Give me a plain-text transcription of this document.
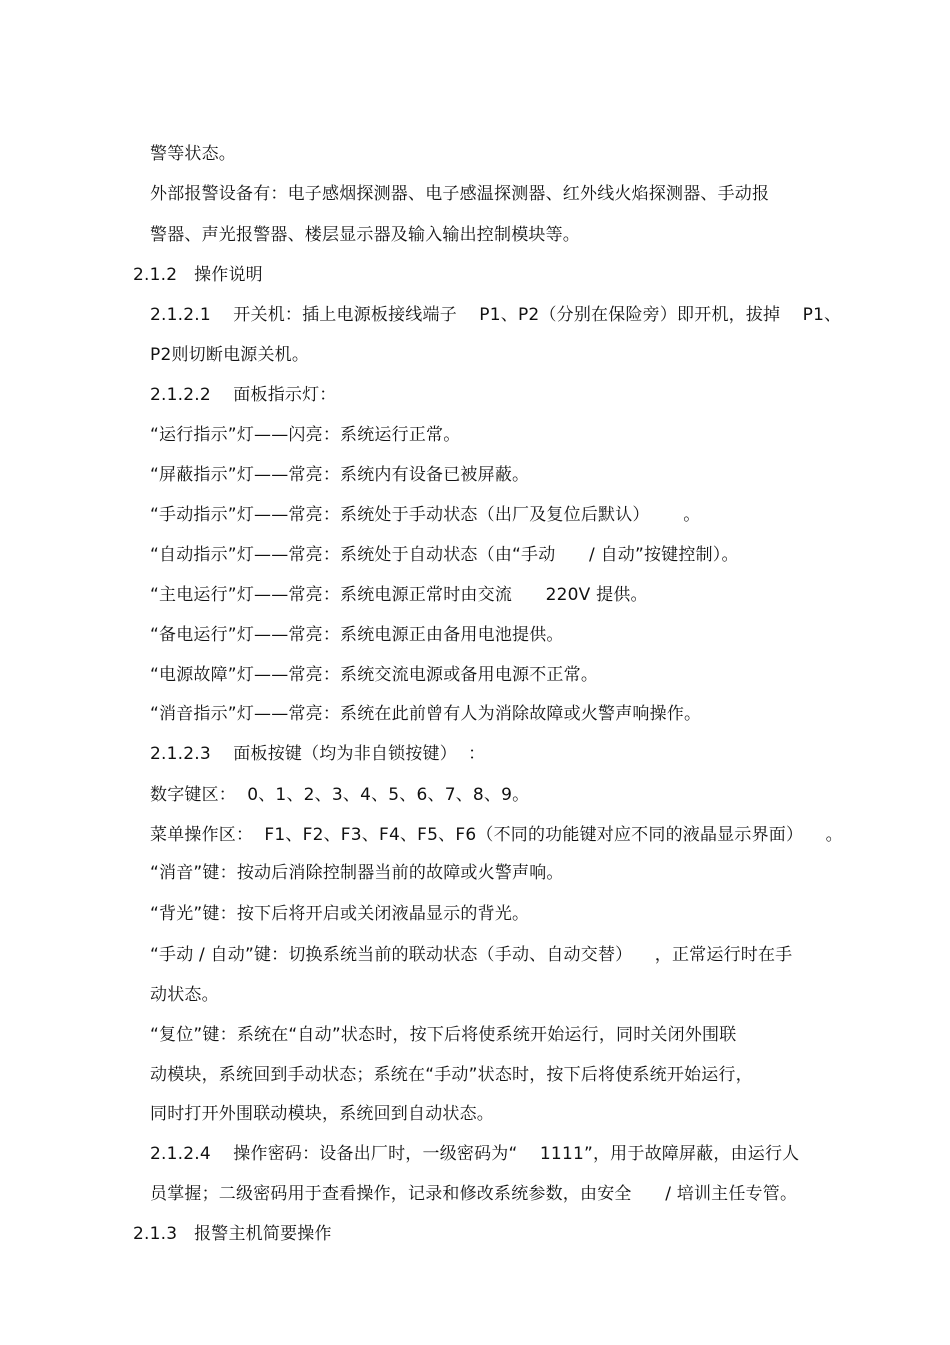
警等状态。
外部报警设备有：电子感烟探测器、电子感温探测器、红外线火焰探测器、手动报
警器、声光报警器、楼层显示器及输入输出控制模块等。
2.1.2   操作说明
2.1.2.1    开关机：插上电源板接线端子    P1、P2（分别在保险旁）即开机，拔掉    P1、
P2则切断电源关机。
2.1.2.2    面板指示灯：
“运行指示”灯——闪亮：系统运行正常。
“屏蔽指示”灯——常亮：系统内有设备已被屏蔽。
“手动指示”灯——常亮：系统处于手动状态（出厂及复位后默认）      。
“自动指示”灯——常亮：系统处于自动状态（由“手动      / 自动”按键控制）。
“主电运行”灯——常亮：系统电源正常时由交流      220V 提供。
“备电运行”灯——常亮：系统电源正由备用电池提供。
“电源故障”灯——常亮：系统交流电源或备用电源不正常。
“消音指示”灯——常亮：系统在此前曾有人为消除故障或火警声响操作。
2.1.2.3    面板按键（均为非自锁按键）  ：
数字键区：  0、1、2、3、4、5、6、7、8、9。
菜单操作区：  F1、F2、F3、F4、F5、F6（不同的功能键对应不同的液晶显示界面）    。
“消音”键：按动后消除控制器当前的故障或火警声响。
“背光”键：按下后将开启或关闭液晶显示的背光。
“手动 / 自动”键：切换系统当前的联动状态（手动、自动交替）    ，正常运行时在手
动状态。
“复位”键：系统在“自动”状态时，按下后将使系统开始运行，同时关闭外围联
动模块，系统回到手动状态；系统在“手动”状态时，按下后将使系统开始运行，
同时打开外围联动模块，系统回到自动状态。
2.1.2.4    操作密码：设备出厂时，一级密码为“    1111”，用于故障屏蔽，由运行人
员掌握；二级密码用于查看操作，记录和修改系统参数，由安全      / 培训主任专管。
2.1.3   报警主机简要操作
